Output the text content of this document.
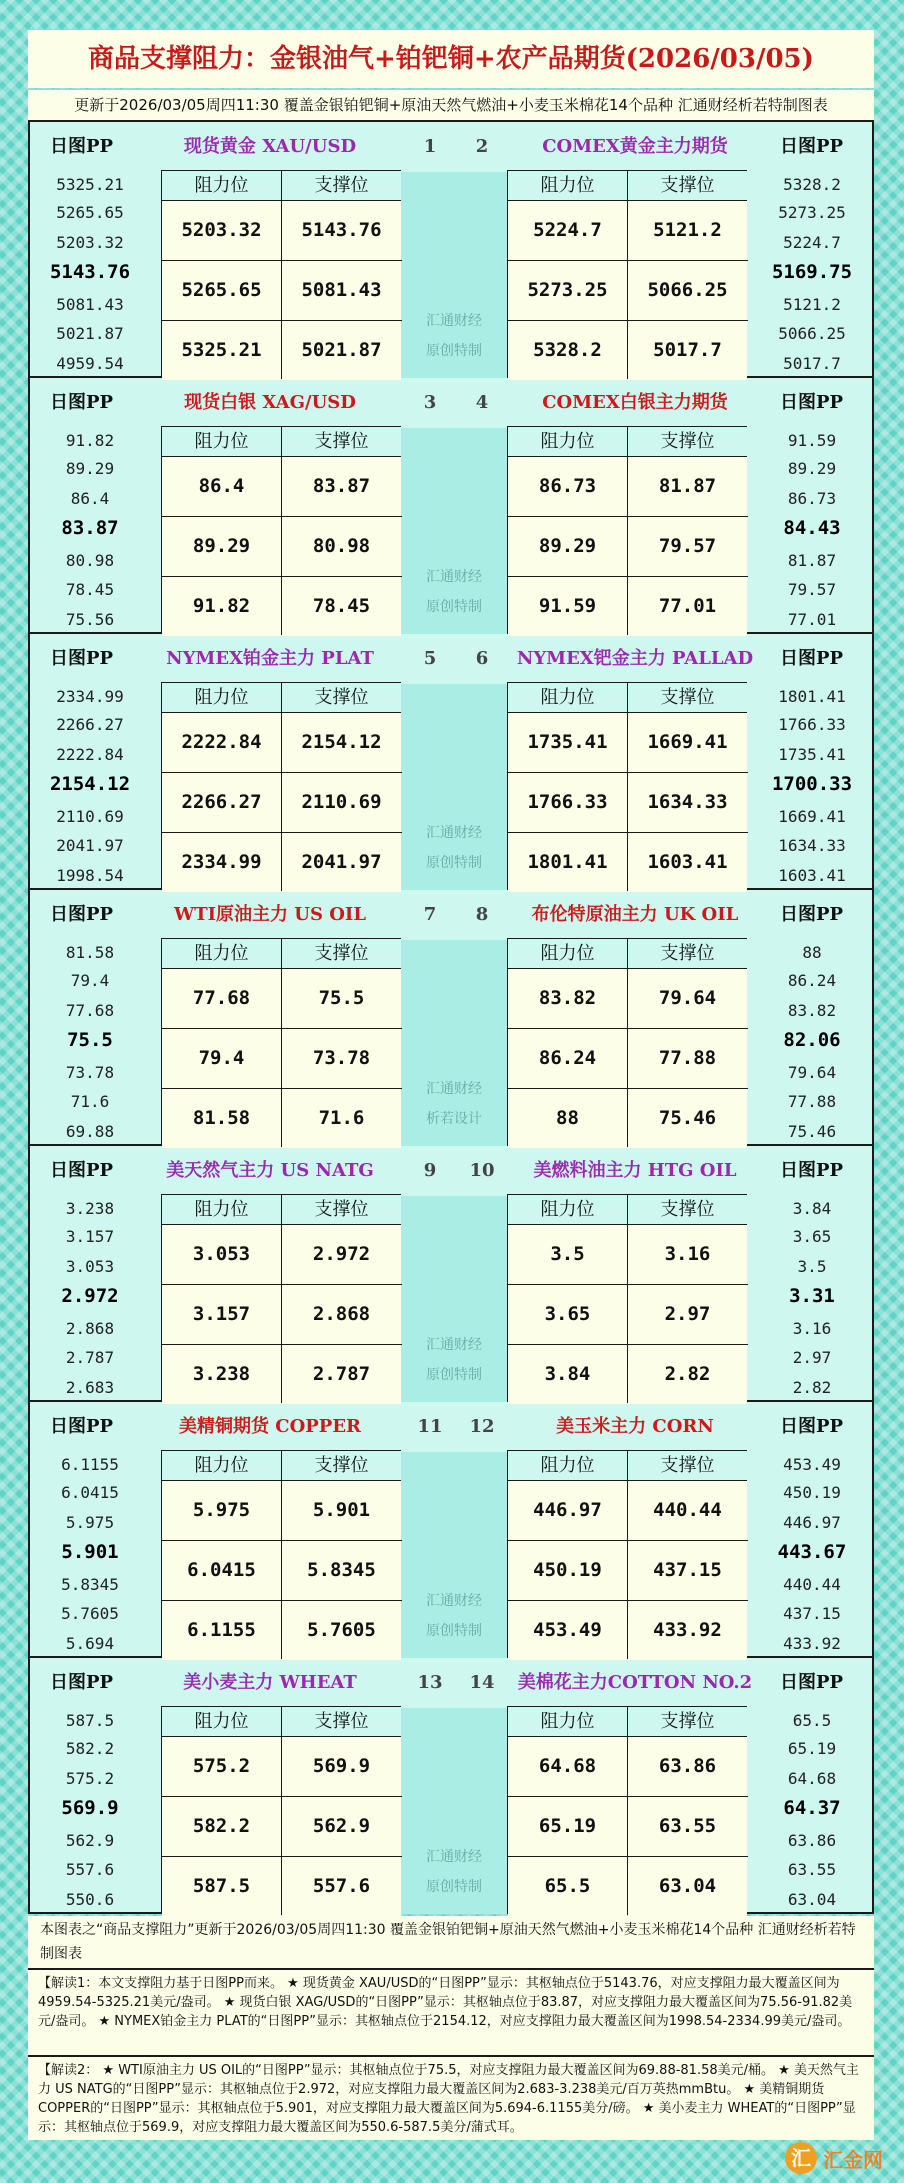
商品支撑阻力：金银油气+铂钯铜+农产品期货(2026/03/05)
更新于2026/03/05周四11:30 覆盖金银铂钯铜+原油天然气燃油+小麦玉米棉花14个品种 汇通财经析若特制图表
日图PP	现货黄金 XAU/USD	1	2	COMEX黄金主力期货	日图PP
汇通财经
原创特制
5325.21
5265.65
5203.32
5143.76
5081.43
5021.87
4959.54
阻力位	支撑位
5203.32	5143.76
5265.65	5081.43
5325.21	5021.87
5328.2
5273.25
5224.7
5169.75
5121.2
5066.25
5017.7
阻力位	支撑位
5224.7	5121.2
5273.25	5066.25
5328.2	5017.7
日图PP	现货白银 XAG/USD	3	4	COMEX白银主力期货	日图PP
汇通财经
原创特制
91.82
89.29
86.4
83.87
80.98
78.45
75.56
阻力位	支撑位
86.4	83.87
89.29	80.98
91.82	78.45
91.59
89.29
86.73
84.43
81.87
79.57
77.01
阻力位	支撑位
86.73	81.87
89.29	79.57
91.59	77.01
日图PP	NYMEX铂金主力 PLAT	5	6	NYMEX钯金主力 PALLAD	日图PP
汇通财经
原创特制
2334.99
2266.27
2222.84
2154.12
2110.69
2041.97
1998.54
阻力位	支撑位
2222.84	2154.12
2266.27	2110.69
2334.99	2041.97
1801.41
1766.33
1735.41
1700.33
1669.41
1634.33
1603.41
阻力位	支撑位
1735.41	1669.41
1766.33	1634.33
1801.41	1603.41
日图PP	WTI原油主力 US OIL	7	8	布伦特原油主力 UK OIL	日图PP
汇通财经
析若设计
81.58
79.4
77.68
75.5
73.78
71.6
69.88
阻力位	支撑位
77.68	75.5
79.4	73.78
81.58	71.6
88
86.24
83.82
82.06
79.64
77.88
75.46
阻力位	支撑位
83.82	79.64
86.24	77.88
88	75.46
日图PP	美天然气主力 US NATG	9	10	美燃料油主力 HTG OIL	日图PP
汇通财经
原创特制
3.238
3.157
3.053
2.972
2.868
2.787
2.683
阻力位	支撑位
3.053	2.972
3.157	2.868
3.238	2.787
3.84
3.65
3.5
3.31
3.16
2.97
2.82
阻力位	支撑位
3.5	3.16
3.65	2.97
3.84	2.82
日图PP	美精铜期货 COPPER	11 12	美玉米主力 CORN	日图PP
汇通财经
原创特制
6.1155
6.0415
5.975
5.901
5.8345
5.7605
5.694
阻力位	支撑位
5.975	5.901
6.0415	5.8345
6.1155	5.7605
453.49
450.19
446.97
443.67
440.44
437.15
433.92
阻力位	支撑位
446.97	440.44
450.19	437.15
453.49	433.92
日图PP	美小麦主力 WHEAT	13 14	美棉花主力COTTON NO.2	日图PP
汇通财经
原创特制
587.5
582.2
575.2
569.9
562.9
557.6
550.6
阻力位	支撑位
575.2	569.9
582.2	562.9
587.5	557.6
65.5
65.19
64.68
64.37
63.86
63.55
63.04
阻力位	支撑位
64.68	63.86
65.19	63.55
65.5	63.04
本图表之“商品支撑阻力”更新于2026/03/05周四11:30 覆盖金银铂钯铜+原油天然气燃油+小麦玉米棉花14个品种 汇通财经析若特制图表
【解读1：本文支撑阻力基于日图PP而来。 ★ 现货黄金 XAU/USD的“日图PP”显示：其枢轴点位于5143.76，对应支撑阻力最大覆盖区间为4959.54-5325.21美元/盎司。 ★ 现货白银 XAG/USD的“日图PP”显示：其枢轴点位于83.87，对应支撑阻力最大覆盖区间为75.56-91.82美元/盎司。 ★ NYMEX铂金主力 PLAT的“日图PP”显示：其枢轴点位于2154.12，对应支撑阻力最大覆盖区间为1998.54-2334.99美元/盎司。
【解读2： ★ WTI原油主力 US OIL的“日图PP”显示：其枢轴点位于75.5，对应支撑阻力最大覆盖区间为69.88-81.58美元/桶。 ★ 美天然气主力 US NATG的“日图PP”显示：其枢轴点位于2.972，对应支撑阻力最大覆盖区间为2.683-3.238美元/百万英热mmBtu。 ★ 美精铜期货 COPPER的“日图PP”显示：其枢轴点位于5.901，对应支撑阻力最大覆盖区间为5.694-6.1155美分/磅。 ★ 美小麦主力 WHEAT的“日图PP”显示：其枢轴点位于569.9，对应支撑阻力最大覆盖区间为550.6-587.5美分/蒲式耳。
汇 汇金网
